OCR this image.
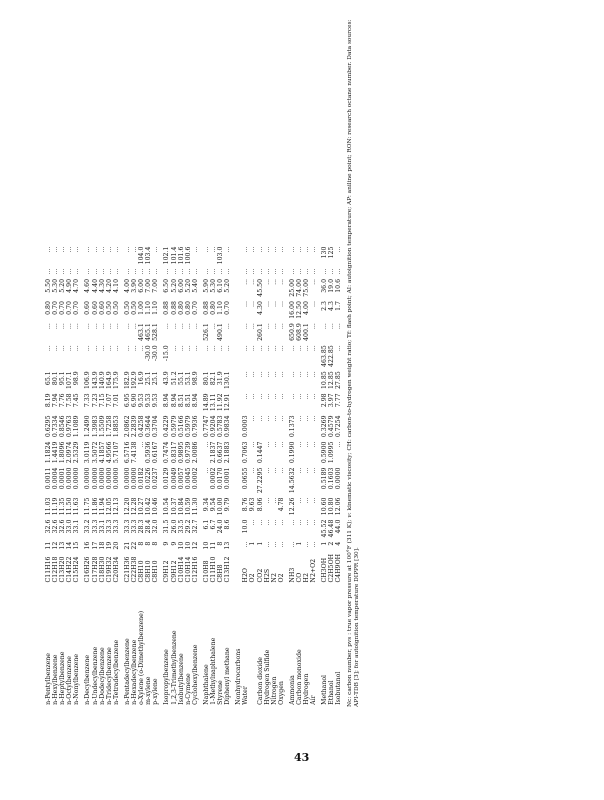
n-Pentylbenzene	C11H16	11	32.6	11.03	0.0011	1.1824	0.6295	8.19	65.1	...	...	0.80	5.50	...	...
n-Hexylbenzene	C12H18	12	32.6	11.19	0.0004	1.4419	0.7334	7.94	80.1	...	...	0.70	5.30	...	...
n-Heptylbenzene	C13H20	13	32.6	11.35	0.0001	1.8096	0.8546	7.76	95.1	...	...	0.70	5.20	...	...
n-Octylbenzene	C14H22	14	33.0	11.50	0.0000	2.0974	0.9763	7.58	107.1	...	...	0.70	4.90	...	...
n-Nonylbenzene	C15H24	15	33.1	11.63	0.0000	2.5329	1.1089	7.45	98.9	...	...	0.70	4.70	...	...
n-Decylbenzene	C16H26	16	33.2	11.75	0.0000	3.0119	1.2490	7.33	106.9	...	...	0.60	4.60	...	...
n-Undecylbenzene	C17H28	17	33.3	11.86	0.0000	3.5072	1.3983	7.23	143.9	...	...	0.60	4.40	...	...
n-Dodecylbenzene	C18H30	18	33.1	11.94	0.0000	4.1857	1.5509	7.15	140.9	...	...	0.60	4.30	...	...
n-Tridecylbenzene	C19H32	19	33.3	12.05	0.0000	4.9566	1.7258	7.07	164.9	...	...	0.50	4.20	...	...
n-Tetradecylbenzene	C20H34	20	33.3	12.13	0.0000	5.7107	1.8853	7.01	175.9	...	...	0.50	4.10	...	...
n-Pentadecylbenzene	C21H36	21	33.3	12.20	0.0000	6.5716	2.0862	6.95	182.9	...	...	0.50	4.00	...	...
n-Hexadecylbenzene	C22H38	22	33.3	12.28	0.0000	7.4138	2.2839	6.90	192.9	...	...	0.50	3.90	...	...
o-Xylene (o-Dimethylbenzene)	C8H10	8	28.3	10.27	0.0182	...	0.4258	9.53	16.9	...	463.1	1.00	6.00	...	104.0
m-xylene	C8H10	8	28.4	10.42	0.0226	0.5936	0.3644	9.53	25.1	-30.0	465.1	1.10	7.00	...	103.4
p-xylene	C8H10	8	32.0	10.46	0.0237	0.6167	0.3704	9.53	25.1	-30.0	528.1	1.10	7.00	...	...
Isopropylbenzene	C9H12	9	31.5	10.54	0.0129	0.7474	0.4229	8.94	43.9	-15.0	...	0.88	6.50	...	102.1
1,2,3-Trimethylbenzene	C9H12	9	26.0	10.37	0.0049	0.8317	0.5979	8.94	51.2	...	...	0.88	5.20	...	101.4
Isobutylbenzene	C10H14	10	33.5	10.84	0.0057	0.9895	0.5166	8.51	55.1	...	...	0.80	6.00	...	101.6
n-Cymene	C10H14	10	29.2	10.59	0.0045	0.9739	0.5979	8.51	53.1	...	...	0.80	5.20	...	100.6
Cyclohexylbenzene	C12H16	12	32.7	11.30	0.0002	2.0086	0.7936	8.94	98.9	...	...	0.70	5.40	...	...
Naphthalene	C10H8	10	6.1	9.34	...	...	0.7747	14.89	80.1	...	526.1	0.88	5.90	...	...
1-Methylnaphthalene	C11H10	11	6.7	9.54	0.0002	2.1837	0.9204	13.11	82.1	...	...	0.80	5.30	...	...
Styrene	C8H8	8	24.0	10.00	0.0170	0.6637	0.5783	11.92	31.9	...	490.1	1.10	6.10	...	103.0
Diphenyl methane	C13H12	13	8.6	9.79	0.0001	2.1883	0.9834	12.91	130.1	...	...	0.70	5.20	...	...
Nonhydrocarbons															
Water	H2O	...	10.0	8.76	0.0655	0.7063	0.0003	...	...	...	...	...	...	...	...
	O2	1	...	9.63	...	...	...	...	...	...	...	...	...	...	...
Carbon dioxide	CO2	1	...	8.06	27.2295	0.1447	...	...	...	...	260.1	4.30	45.50	...	...
Hydrogen Sulfide	H2S	...	...	...	...	...	...	...	...	...	...	...	...	...	...
Nitrogen	N2	...	...	...	...	...	...	...	...	...	...	...	...	...	...
Oxygen	O2	...	...	4.78	...	...	...	...	...	...	...	...	...	...	...
Ammonia	NH3	...	...	12.26	14.5632	0.1990	0.1373	...	...	...	650.9	16.00	25.00	...	...
Carbon monoxide	CO	1	...	...	...	...	...	...	...	...	608.9	12.50	74.00	...	...
Hydrogen	H2	...	...	...	...	...	...	...	...	...	400.1	4.00	75.00	...	...
Air	N2+O2	...	...	...	...	...	...	...	...	...	...	...	...	...	...
Methanol	CH3OH	1	45.52	10.60	0.5189	0.5900	0.3269	2.98	10.85	463.85	...	2.3	36.0	...	130
Ethanol	C2H5OH	2	46.48	10.80	0.1603	1.0995	0.4579	3.97	12.85	422.85	...	4.3	19.0	...	125
Isobutanol	C4H9OH	4	44.0	12.06	0.0000	...	0.7254	7.77	27.85	...	...	1.7	10.6	...	... Nc: carbon number, pvs : true vapor pressure at 100°F (311 K); ν: kinematic viscosity; CH: carbon-to-hydrogen weight ratio; Tf: flash point; AI: autoignition temperature; AP: aniline point; RON: research octane number. Data sources: API-TDB [3]; for autoignition temperature DIPPR [30].
43
